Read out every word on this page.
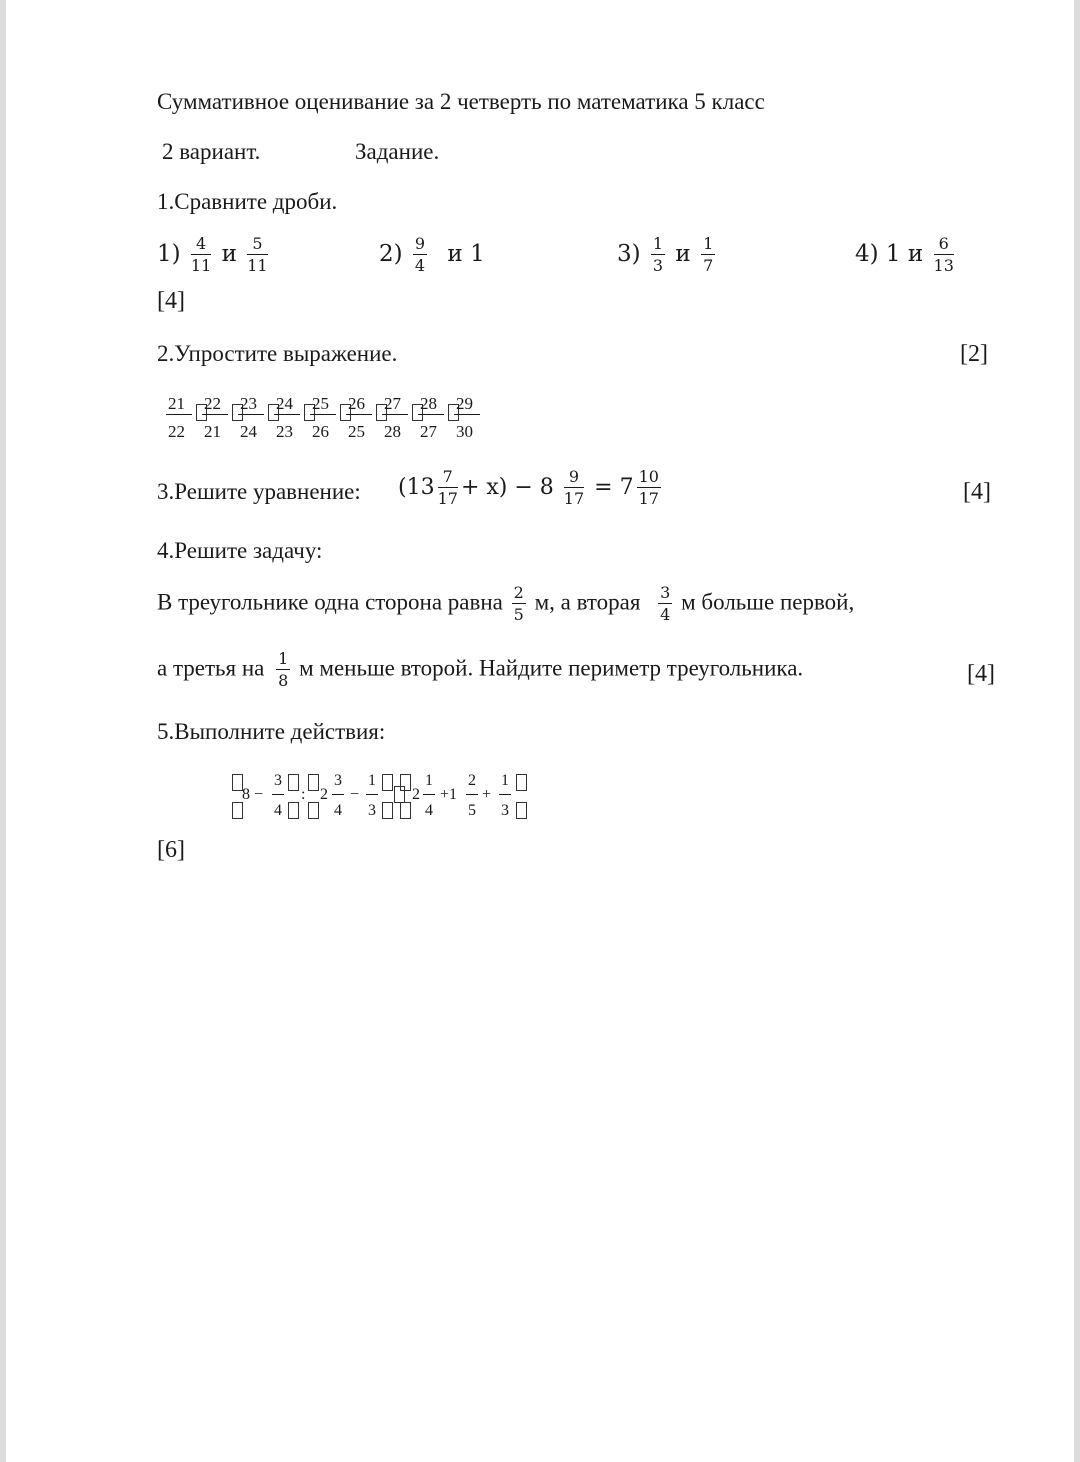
Суммативное оценивание за 2 четверть по математика 5 класс
2 вариант.	Задание.
1.Сравните дроби.
$1) \frac{4}{11}$ и $\frac{5}{11}$	$2) \frac{9}{4}$ и 1	$3) \frac{1}{3}$ и $\frac{1}{7}$	4) 1 и $\frac{6}{13}$
[4]
2.Упростите выражение.	[2]
21
22
22
21
23
24
24
23
25
26
26
25
27
28
28
27
29
30
3.Решите уравнение: $(13 \frac{7}{17} + x) - 8 \frac{9}{17} = 7 \frac{10}{17}$	[4]
4.Решите задачу:
В треугольнике одна сторона равна $\frac{2}{5} м$, а вторая $\frac{3}{4}$ м больше первой,
а третья на $\frac{1}{8}$ м меньше второй. Найдите периметр треугольника.	[4]
5.Выполните действия:
8 −
3
4
: 2
3
4
−
1
3
2
1
4
+1
2
5
+
1
3
[6]
